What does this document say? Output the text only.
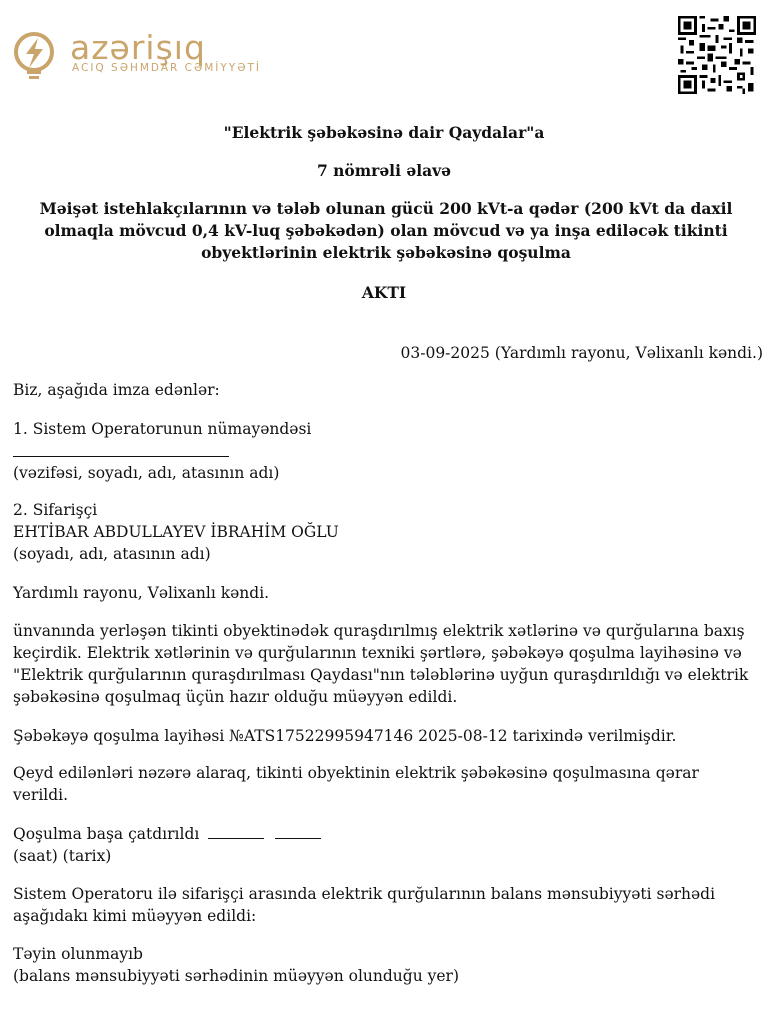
azərişıq
ACIQ SƏHMDAR CƏMİYYƏTİ
"Elektrik şəbəkəsinə dair Qaydalar"a
7 nömrəli əlavə
Məişət istehlakçılarının və tələb olunan gücü 200 kVt-a qədər (200 kVt da daxil olmaqla mövcud 0,4 kV-luq şəbəkədən) olan mövcud və ya inşa ediləcək tikinti obyektlərinin elektrik şəbəkəsinə qoşulma
AKTI
03-09-2025 (Yardımlı rayonu, Vəlixanlı kəndi.)
Biz, aşağıda imza edənlər:
1. Sistem Operatorunun nümayəndəsi
(vəzifəsi, soyadı, adı, atasının adı)
2. Sifarişçi
EHTİBAR ABDULLAYEV İBRAHİM OĞLU
(soyadı, adı, atasının adı)
Yardımlı rayonu, Vəlixanlı kəndi.
ünvanında yerləşən tikinti obyektinədək quraşdırılmış elektrik xətlərinə və qurğularına baxış keçirdik. Elektrik xətlərinin və qurğularının texniki şərtlərə, şəbəkəyə qoşulma layihəsinə və "Elektrik qurğularının quraşdırılması Qaydası"nın tələblərinə uyğun quraşdırıldığı və elektrik şəbəkəsinə qoşulmaq üçün hazır olduğu müəyyən edildi.
Şəbəkəyə qoşulma layihəsi №ATS17522995947146 2025-08-12 tarixində verilmişdir.
Qeyd edilənləri nəzərə alaraq, tikinti obyektinin elektrik şəbəkəsinə qoşulmasına qərar verildi.
Qoşulma başa çatdırıldı
(saat) (tarix)
Sistem Operatoru ilə sifarişçi arasında elektrik qurğularının balans mənsubiyyəti sərhədi aşağıdakı kimi müəyyən edildi:
Təyin olunmayıb
(balans mənsubiyyəti sərhədinin müəyyən olunduğu yer)
